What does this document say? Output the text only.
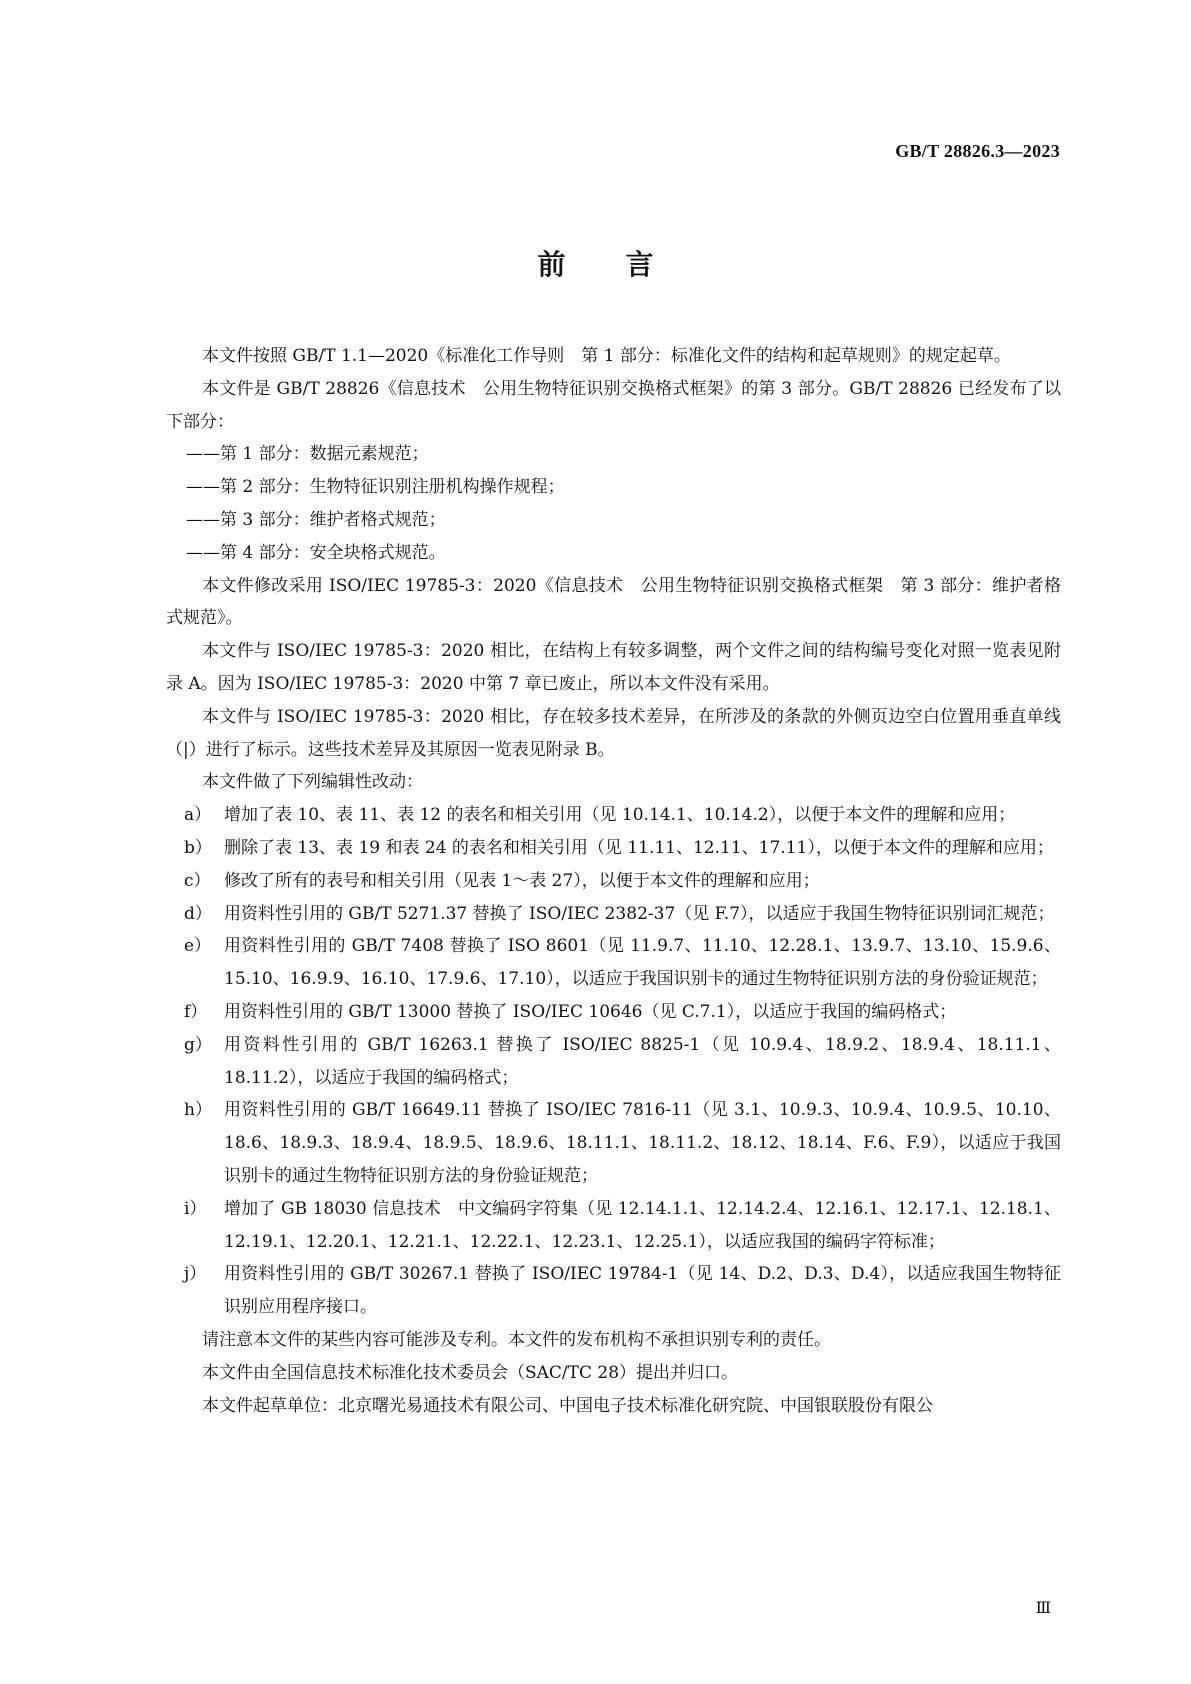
GB/T 28826.3—2023
前言

本文件按照 GB/T 1.1—2020《标准化工作导则　第 1 部分：标准化文件的结构和起草规则》的规定起草。

本文件是 GB/T 28826《信息技术　公用生物特征识别交换格式框架》的第 3 部分。GB/T 28826 已经发布了以下部分：

——第 1 部分：数据元素规范；

——第 2 部分：生物特征识别注册机构操作规程；

——第 3 部分：维护者格式规范；

——第 4 部分：安全块格式规范。

本文件修改采用 ISO/IEC 19785-3：2020《信息技术　公用生物特征识别交换格式框架　第 3 部分：维护者格式规范》。

本文件与 ISO/IEC 19785-3：2020 相比，在结构上有较多调整，两个文件之间的结构编号变化对照一览表见附录 A。因为 ISO/IEC 19785-3：2020 中第 7 章已废止，所以本文件没有采用。

本文件与 ISO/IEC 19785-3：2020 相比，存在较多技术差异，在所涉及的条款的外侧页边空白位置用垂直单线（|）进行了标示。这些技术差异及其原因一览表见附录 B。

本文件做了下列编辑性改动：

a） 增加了表 10、表 11、表 12 的表名和相关引用（见 10.14.1、10.14.2），以便于本文件的理解和应用；
b） 删除了表 13、表 19 和表 24 的表名和相关引用（见 11.11、12.11、17.11），以便于本文件的理解和应用；
c） 修改了所有的表号和相关引用（见表 1～表 27），以便于本文件的理解和应用；
d） 用资料性引用的 GB/T 5271.37 替换了 ISO/IEC 2382-37（见 F.7），以适应于我国生物特征识别词汇规范；
e） 用资料性引用的 GB/T 7408 替换了 ISO 8601（见 11.9.7、11.10、12.28.1、13.9.7、13.10、15.9.6、15.10、16.9.9、16.10、17.9.6、17.10），以适应于我国识别卡的通过生物特征识别方法的身份验证规范；
f） 用资料性引用的 GB/T 13000 替换了 ISO/IEC 10646（见 C.7.1），以适应于我国的编码格式；
g） 用资料性引用的 GB/T 16263.1 替换了 ISO/IEC 8825-1（见 10.9.4、18.9.2、18.9.4、18.11.1、18.11.2），以适应于我国的编码格式；
h） 用资料性引用的 GB/T 16649.11 替换了 ISO/IEC 7816-11（见 3.1、10.9.3、10.9.4、10.9.5、10.10、18.6、18.9.3、18.9.4、18.9.5、18.9.6、18.11.1、18.11.2、18.12、18.14、F.6、F.9），以适应于我国识别卡的通过生物特征识别方法的身份验证规范；
i）	增加了 GB 18030 信息技术　中文编码字符集（见 12.14.1.1、12.14.2.4、12.16.1、12.17.1、12.18.1、12.19.1、12.20.1、12.21.1、12.22.1、12.23.1、12.25.1），以适应我国的编码字符标准；
j）	用资料性引用的 GB/T 30267.1 替换了 ISO/IEC 19784-1（见 14、D.2、D.3、D.4），以适应我国生物特征识别应用程序接口。

请注意本文件的某些内容可能涉及专利。本文件的发布机构不承担识别专利的责任。

本文件由全国信息技术标准化技术委员会（SAC/TC 28）提出并归口。

本文件起草单位：北京曙光易通技术有限公司、中国电子技术标准化研究院、中国银联股份有限公

Ⅲ
